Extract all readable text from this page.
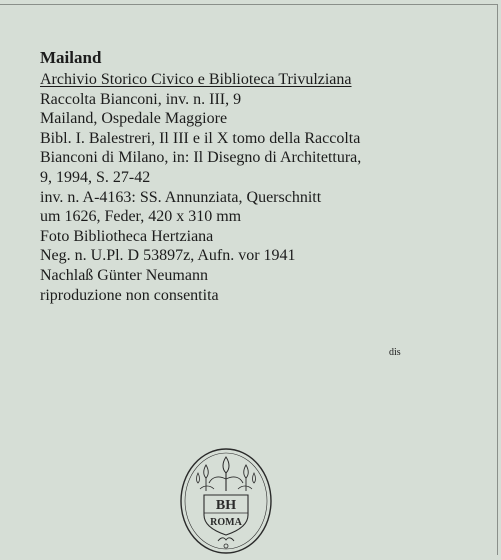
Mailand
Archivio Storico Civico e Biblioteca Trivulziana
Raccolta Bianconi, inv. n. III, 9
Mailand, Ospedale Maggiore
Bibl. I. Balestreri, Il III e il X tomo della Raccolta
Bianconi di Milano, in: Il Disegno di Architettura,
9, 1994, S. 27-42
inv. n. A-4163: SS. Annunziata, Querschnitt
um 1626, Feder, 420 x 310 mm
Foto Bibliotheca Hertziana
Neg. n. U.Pl. D 53897z, Aufn. vor 1941
Nachlaß Günter Neumann
riproduzione non consentita
dis
BH
ROMA
